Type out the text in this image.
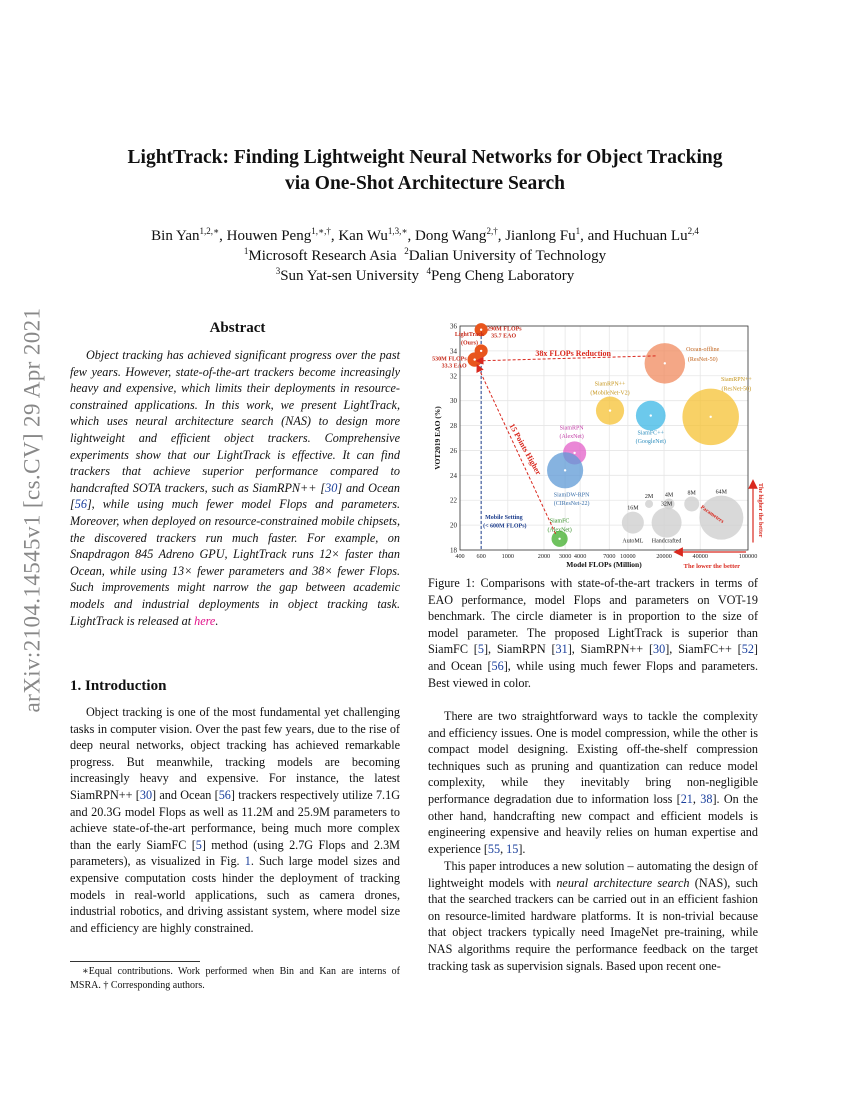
arXiv:2104.14545v1 [cs.CV] 29 Apr 2021
LightTrack: Finding Lightweight Neural Networks for Object Tracking
via One-Shot Architecture Search
Bin Yan$^{1,2,∗}$, Houwen Peng$^{1,∗,\dagger}$, Kan $Wu^{1,3,∗}$, Dong Wang$^{2,\dagger}$, Jianlong Fu$^1$, and Huchuan Lu$^{2,4}$
$^1$Microsoft Research Asia $^2$Dalian University of Technology
$^3$Sun Yat-sen University $^4$Peng Cheng Laboratory
Abstract
Object tracking has achieved significant progress over the past few years. However, state-of-the-art trackers become increasingly heavy and expensive, which limits their deployments in resource-constrained applications. In this work, we present LightTrack, which uses neural architecture search (NAS) to design more lightweight and efficient object trackers. Comprehensive experiments show that our LightTrack is effective. It can find trackers that achieve superior performance compared to handcrafted SOTA trackers, such as SiamRPN++ [30] and Ocean [56], while using much fewer model Flops and parameters. Moreover, when deployed on resource-constrained mobile chipsets, the discovered trackers run much faster. For example, on Snapdragon 845 Adreno GPU, LightTrack runs 12× faster than Ocean, while using 13× fewer parameters and 38× fewer Flops. Such improvements might narrow the gap between academic models and industrial deployments in object tracking task. LightTrack is released at here.
1. Introduction
Object tracking is one of the most fundamental yet challenging tasks in computer vision. Over the past few years, due to the rise of deep neural networks, object tracking has achieved remarkable progress. But meanwhile, tracking models are becoming increasingly heavy and expensive. For instance, the latest SiamRPN++ [30] and Ocean [56] trackers respectively utilize 7.1G and 20.3G model Flops as well as 11.2M and 25.9M parameters to achieve state-of-the-art performance, being much more complex than the early SiamFC [5] method (using 2.7G Flops and 2.3M parameters), as visualized in Fig. 1. Such large model sizes and expensive computation costs hinder the deployment of tracking models in real-world applications, such as camera drones, industrial robotics, and driving assistant system, where model size and efficiency are highly constrained.
∗Equal contributions. Work performed when Bin and Kan are interns of MSRA. † Corresponding authors.
18
20
22
24
26
28
30
32
34
36
400 600	1000	2000 3000 4000	7000 10000	20000	40000	100000
Model FLOPs (Million)
VOT2019 EAO (%)
Mobile Setting
(< 600M FLOPs)
2M 4M 8M
16M
32M
64M
AutoML Handcrafted
Parameters
530M FLOPs
33.3 EAO
290M FLOPs
35.7 EAO
LightTrack
(Ours)
Ocean-offline
(ResNet-50)
SiamRPN++
(MobileNet-V2)
SiamRPN++
(ResNet-50)
SiamFC++
(GoogleNet)
SiamRPN
(AlexNet)
SiamDW-RPN
(CIResNet-22)
SiamFC
(AlexNet)
38x FLOPs Reduction
15 Points Higher
The higher the better
The lower the better
Figure 1: Comparisons with state-of-the-art trackers in terms of EAO performance, model Flops and parameters on VOT-19 benchmark. The circle diameter is in proportion to the size of model parameter. The proposed LightTrack is superior than SiamFC [5], SiamRPN [31], SiamRPN++ [30], SiamFC++ [52] and Ocean [56], while using much fewer Flops and parameters. Best viewed in color.
There are two straightforward ways to tackle the complexity and efficiency issues. One is model compression, while the other is compact model designing. Existing off-the-shelf compression techniques such as pruning and quantization can reduce model complexity, while they inevitably bring non-negligible performance degradation due to information loss [21, 38]. On the other hand, handcrafting new compact and efficient models is engineering expensive and heavily relies on human expertise and experience [55, 15].
This paper introduces a new solution – automating the design of lightweight models with neural architecture search (NAS), such that the searched trackers can be carried out in an efficient fashion on resource-limited hardware platforms. It is non-trivial because that object trackers typically need ImageNet pre-training, while NAS algorithms require the performance feedback on the target tracking task as supervision signals. Based upon recent one-
